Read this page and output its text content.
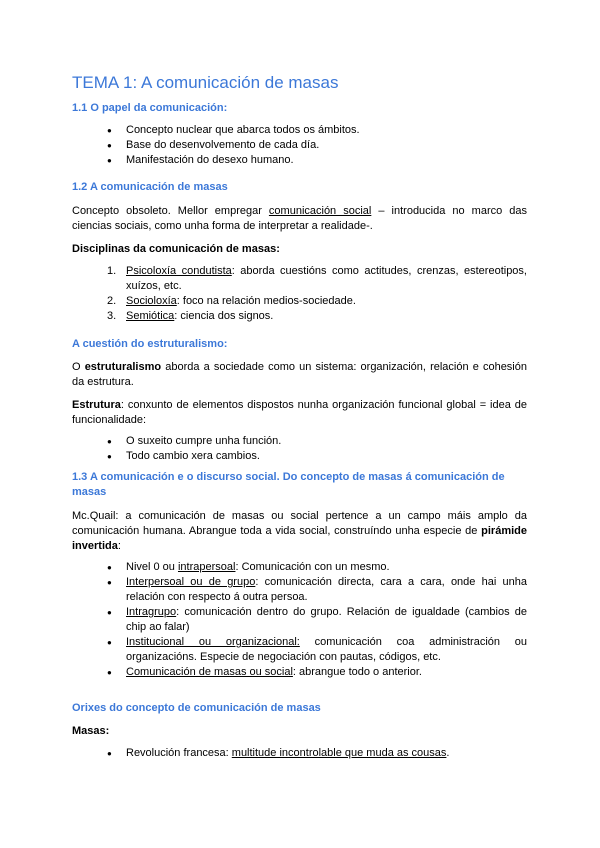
TEMA 1: A comunicación de masas
1.1 O papel da comunicación:
● Concepto nuclear que abarca todos os ámbitos.
● Base do desenvolvemento de cada día.
● Manifestación do desexo humano.
1.2 A comunicación de masas

Concepto obsoleto. Mellor empregar comunicación social – introducida no marco das ciencias sociais, como unha forma de interpretar a realidade-.

Disciplinas da comunicación de masas:
1. Psicoloxía condutista: aborda cuestións como actitudes, crenzas, estereotipos, xuízos, etc.
2. Socioloxía: foco na relación medios-sociedade.
3. Semiótica: ciencia dos signos.
A cuestión do estruturalismo:

O estruturalismo aborda a sociedade como un sistema: organización, relación e cohesión da estrutura.

Estrutura: conxunto de elementos dispostos nunha organización funcional global = idea de funcionalidade:

● O suxeito cumpre unha función.
● Todo cambio xera cambios.
1.3 A comunicación e o discurso social. Do concepto de masas á comunicación de masas

Mc.Quail: a comunicación de masas ou social pertence a un campo máis amplo da comunicación humana. Abrangue toda a vida social, construíndo unha especie de pirámide invertida:

● Nivel 0 ou intrapersoal: Comunicación con un mesmo.
● Interpersoal ou de grupo: comunicación directa, cara a cara, onde hai unha relación con respecto á outra persoa.
● Intragrupo: comunicación dentro do grupo. Relación de igualdade (cambios de chip ao falar)
● Institucional ou organizacional: comunicación coa administración ou organizacións. Especie de negociación con pautas, códigos, etc.
● Comunicación de masas ou social: abrangue todo o anterior.
Orixes do concepto de comunicación de masas
Masas:
● Revolución francesa: multitude incontrolable que muda as cousas.
